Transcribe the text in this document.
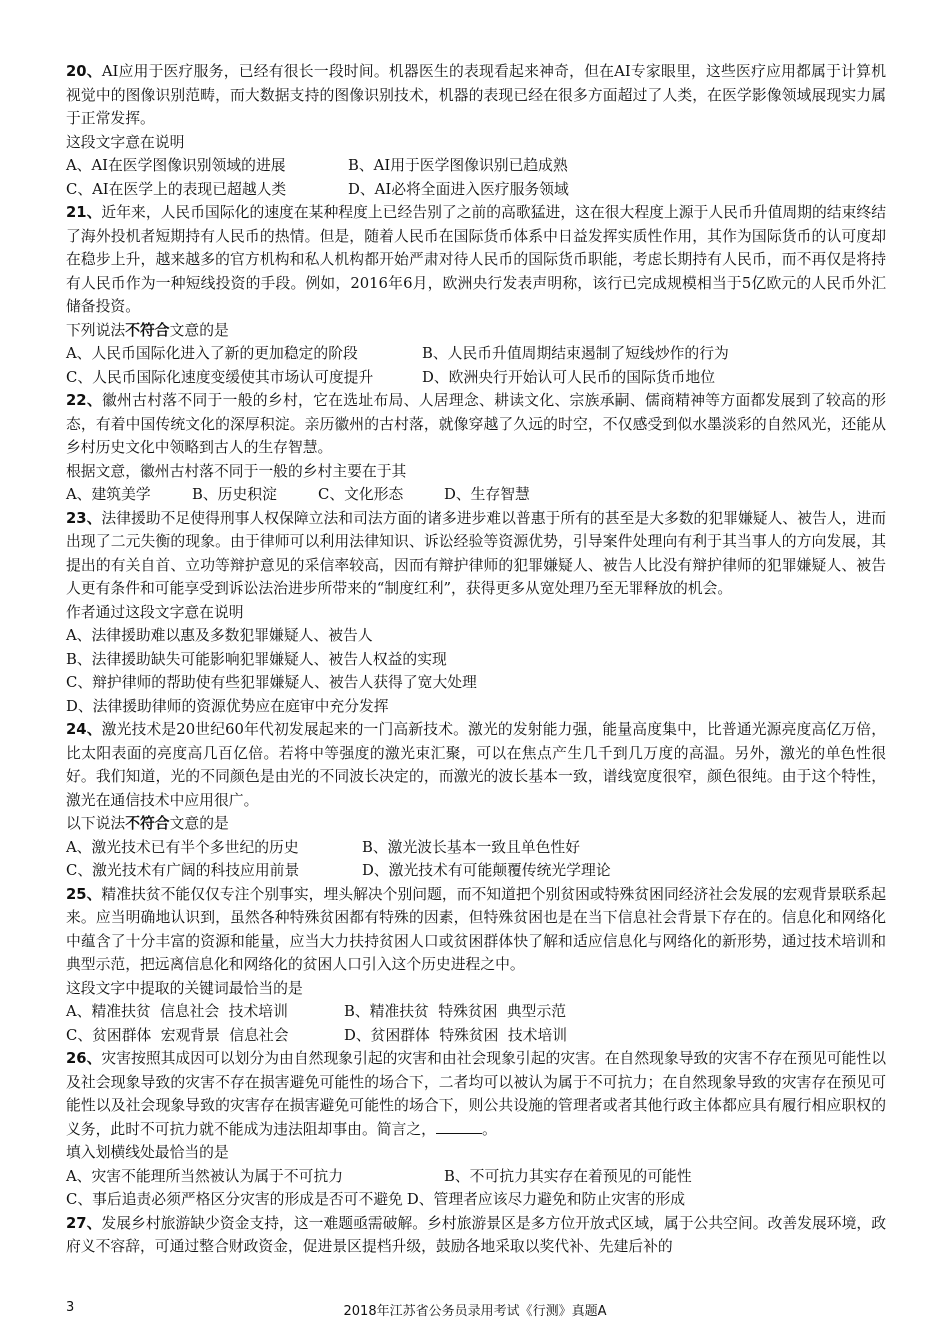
20、AI应用于医疗服务，已经有很长一段时间。机器医生的表现看起来神奇，但在AI专家眼里，这些医疗应用都属于计算机视觉中的图像识别范畴，而大数据支持的图像识别技术，机器的表现已经在很多方面超过了人类，在医学影像领域展现实力属于正常发挥。

这段文字意在说明

A、AI在医学图像识别领域的进展	B、AI用于医学图像识别已趋成熟
C、AI在医学上的表现已超越人类	D、AI必将全面进入医疗服务领域

21、近年来，人民币国际化的速度在某种程度上已经告别了之前的高歌猛进，这在很大程度上源于人民币升值周期的结束终结了海外投机者短期持有人民币的热情。但是，随着人民币在国际货币体系中日益发挥实质性作用，其作为国际货币的认可度却在稳步上升，越来越多的官方机构和私人机构都开始严肃对待人民币的国际货币职能，考虑长期持有人民币，而不再仅是将持有人民币作为一种短线投资的手段。例如，2016年6月，欧洲央行发表声明称，该行已完成规模相当于5亿欧元的人民币外汇储备投资。

下列说法不符合文意的是

A、人民币国际化进入了新的更加稳定的阶段	B、人民币升值周期结束遏制了短线炒作的行为
C、人民币国际化速度变缓使其市场认可度提升	D、欧洲央行开始认可人民币的国际货币地位

22、徽州古村落不同于一般的乡村，它在选址布局、人居理念、耕读文化、宗族承嗣、儒商精神等方面都发展到了较高的形态，有着中国传统文化的深厚积淀。亲历徽州的古村落，就像穿越了久远的时空，不仅感受到似水墨淡彩的自然风光，还能从乡村历史文化中领略到古人的生存智慧。

根据文意，徽州古村落不同于一般的乡村主要在于其

A、建筑美学	B、历史积淀	C、文化形态	D、生存智慧

23、法律援助不足使得刑事人权保障立法和司法方面的诸多进步难以普惠于所有的甚至是大多数的犯罪嫌疑人、被告人，进而出现了二元失衡的现象。由于律师可以利用法律知识、诉讼经验等资源优势，引导案件处理向有利于其当事人的方向发展，其提出的有关自首、立功等辩护意见的采信率较高，因而有辩护律师的犯罪嫌疑人、被告人比没有辩护律师的犯罪嫌疑人、被告人更有条件和可能享受到诉讼法治进步所带来的“制度红利”，获得更多从宽处理乃至无罪释放的机会。

作者通过这段文字意在说明

A、法律援助难以惠及多数犯罪嫌疑人、被告人
B、法律援助缺失可能影响犯罪嫌疑人、被告人权益的实现
C、辩护律师的帮助使有些犯罪嫌疑人、被告人获得了宽大处理
D、法律援助律师的资源优势应在庭审中充分发挥

24、激光技术是20世纪60年代初发展起来的一门高新技术。激光的发射能力强，能量高度集中，比普通光源亮度高亿万倍，比太阳表面的亮度高几百亿倍。若将中等强度的激光束汇聚，可以在焦点产生几千到几万度的高温。另外，激光的单色性很好。我们知道，光的不同颜色是由光的不同波长决定的，而激光的波长基本一致，谱线宽度很窄，颜色很纯。由于这个特性，激光在通信技术中应用很广。

以下说法不符合文意的是

A、激光技术已有半个多世纪的历史	B、激光波长基本一致且单色性好
C、激光技术有广阔的科技应用前景	D、激光技术有可能颠覆传统光学理论

25、精准扶贫不能仅仅专注个别事实，埋头解决个别问题，而不知道把个别贫困或特殊贫困同经济社会发展的宏观背景联系起来。应当明确地认识到，虽然各种特殊贫困都有特殊的因素，但特殊贫困也是在当下信息社会背景下存在的。信息化和网络化中蕴含了十分丰富的资源和能量，应当大力扶持贫困人口或贫困群体快了解和适应信息化与网络化的新形势，通过技术培训和典型示范，把远离信息化和网络化的贫困人口引入这个历史进程之中。

这段文字中提取的关键词最恰当的是

A、精准扶贫  信息社会  技术培训	B、精准扶贫  特殊贫困  典型示范
C、贫困群体  宏观背景  信息社会	D、贫困群体  特殊贫困  技术培训

26、灾害按照其成因可以划分为由自然现象引起的灾害和由社会现象引起的灾害。在自然现象导致的灾害不存在预见可能性以及社会现象导致的灾害不存在损害避免可能性的场合下，二者均可以被认为属于不可抗力；在自然现象导致的灾害存在预见可能性以及社会现象导致的灾害存在损害避免可能性的场合下，则公共设施的管理者或者其他行政主体都应具有履行相应职权的义务，此时不可抗力就不能成为违法阻却事由。简言之，	。

填入划横线处最恰当的是

A、灾害不能理所当然被认为属于不可抗力	B、不可抗力其实存在着预见的可能性
C、事后追责必须严格区分灾害的形成是否可不避免 D、管理者应该尽力避免和防止灾害的形成

27、发展乡村旅游缺少资金支持，这一难题亟需破解。乡村旅游景区是多方位开放式区域，属于公共空间。改善发展环境，政府义不容辞，可通过整合财政资金，促进景区提档升级，鼓励各地采取以奖代补、先建后补的

3	2018年江苏省公务员录用考试《行测》真题A
